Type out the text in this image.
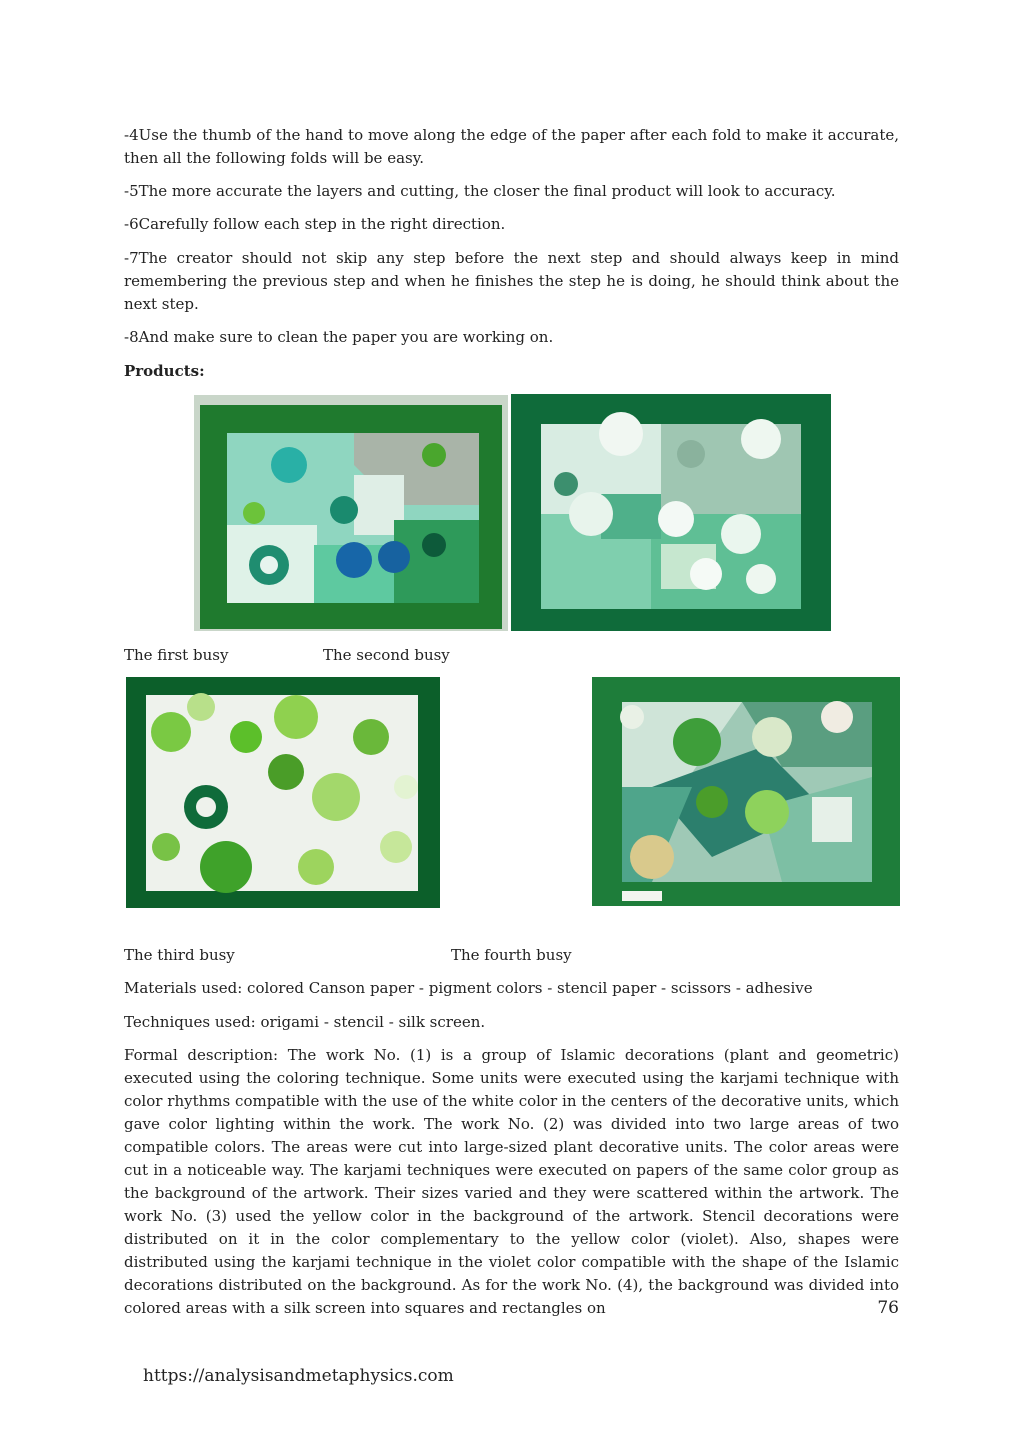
-4Use the thumb of the hand to move along the edge of the paper after each fold to make it accurate, then all the following folds will be easy.

-5The more accurate the layers and cutting, the closer the final product will look to accuracy.

-6Carefully follow each step in the right direction.

-7The creator should not skip any step before the next step and should always keep in mind remembering the previous step and when he finishes the step he is doing, he should think about the next step.

-8And make sure to clean the paper you are working on.

Products:

The first busy	The second busy
The third busy	The fourth busy

Materials used: colored Canson paper - pigment colors - stencil paper - scissors - adhesive

Techniques used: origami - stencil - silk screen.

Formal description: The work No. (1) is a group of Islamic decorations (plant and geometric) executed using the coloring technique. Some units were executed using the karjami technique with color rhythms compatible with the use of the white color in the centers of the decorative units, which gave color lighting within the work. The work No. (2) was divided into two large areas of two compatible colors. The areas were cut into large-sized plant decorative units. The color areas were cut in a noticeable way. The karjami techniques were executed on papers of the same color group as the background of the artwork. Their sizes varied and they were scattered within the artwork. The work No. (3) used the yellow color in the background of the artwork. Stencil decorations were distributed on it in the color complementary to the yellow color (violet). Also, shapes were distributed using the karjami technique in the violet color compatible with the shape of the Islamic decorations distributed on the background. As for the work No. (4), the background was divided into colored areas with a silk screen into squares and rectangles on	76
https://analysisandmetaphysics.com
